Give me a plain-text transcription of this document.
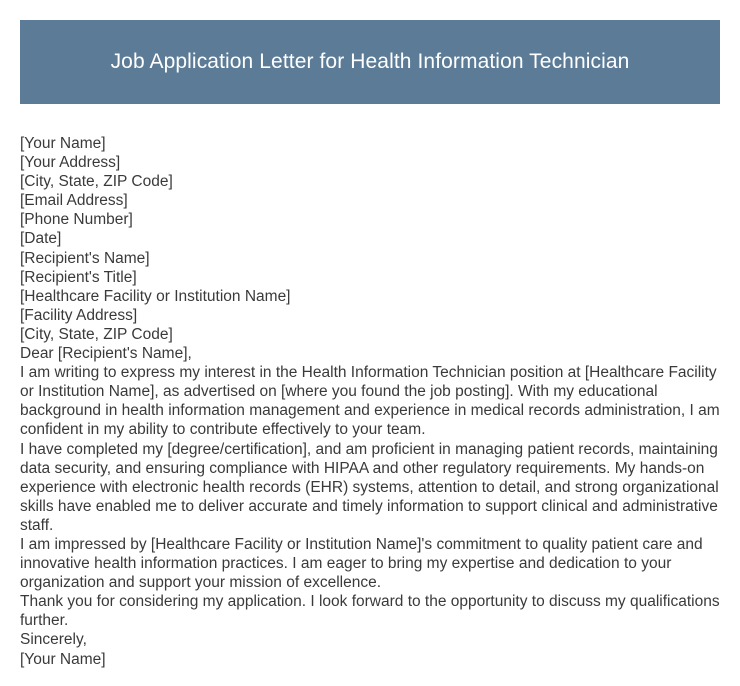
Job Application Letter for Health Information Technician

[Your Name]

[Your Address]

[City, State, ZIP Code]

[Email Address]

[Phone Number]

[Date]

[Recipient's Name]

[Recipient's Title]

[Healthcare Facility or Institution Name]

[Facility Address]

[City, State, ZIP Code]

Dear [Recipient's Name],

I am writing to express my interest in the Health Information Technician position at [Healthcare Facility or Institution Name], as advertised on [where you found the job posting]. With my educational background in health information management and experience in medical records administration, I am confident in my ability to contribute effectively to your team.

I have completed my [degree/certification], and am proficient in managing patient records, maintaining data security, and ensuring compliance with HIPAA and other regulatory requirements. My hands-on experience with electronic health records (EHR) systems, attention to detail, and strong organizational skills have enabled me to deliver accurate and timely information to support clinical and administrative staff.

I am impressed by [Healthcare Facility or Institution Name]'s commitment to quality patient care and innovative health information practices. I am eager to bring my expertise and dedication to your organization and support your mission of excellence.

Thank you for considering my application. I look forward to the opportunity to discuss my qualifications further.

Sincerely,

[Your Name]
